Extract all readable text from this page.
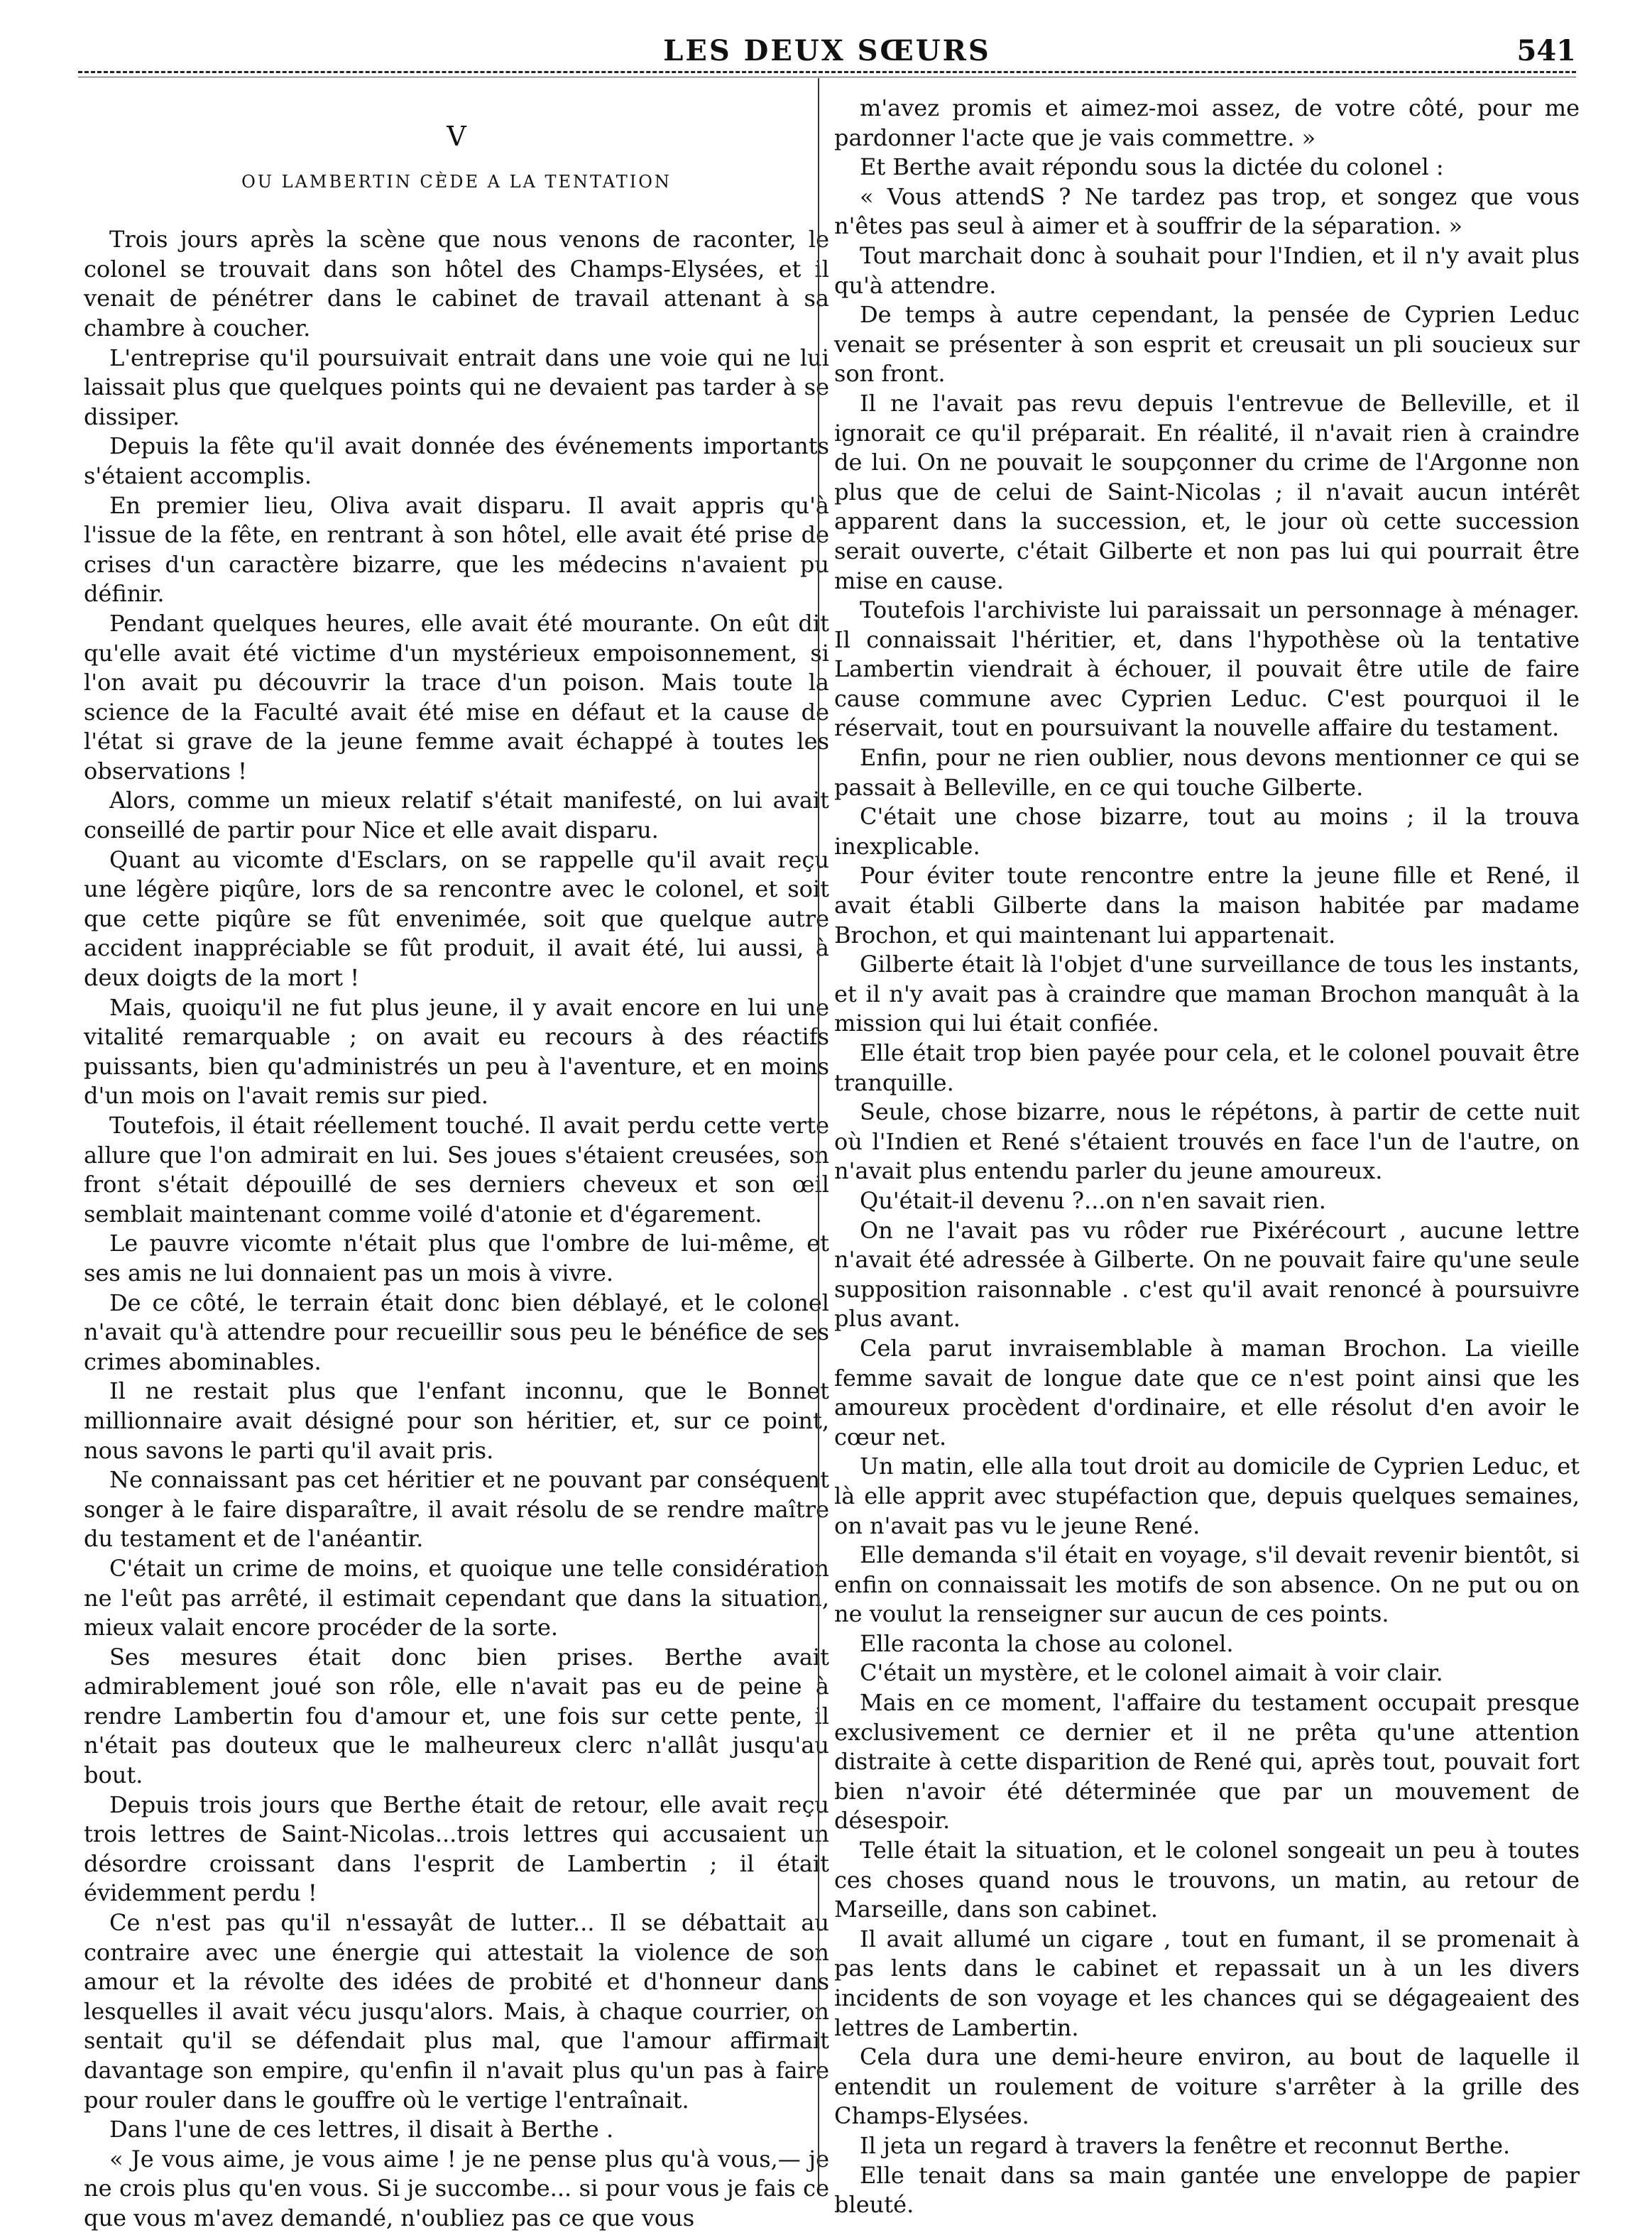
LES DEUX SŒURS	541
V
OU LAMBERTIN CÈDE A LA TENTATION

Trois jours après la scène que nous venons de raconter, le colonel se trouvait dans son hôtel des Champs-Elysées, et il venait de pénétrer dans le cabinet de travail attenant à sa chambre à coucher.

L'entreprise qu'il poursuivait entrait dans une voie qui ne lui laissait plus que quelques points qui ne devaient pas tarder à se dissiper.

Depuis la fête qu'il avait donnée des événements importants s'étaient accomplis.

En premier lieu, Oliva avait disparu. Il avait appris qu'à l'issue de la fête, en rentrant à son hôtel, elle avait été prise de crises d'un caractère bizarre, que les médecins n'avaient pu définir.

Pendant quelques heures, elle avait été mourante. On eût dit qu'elle avait été victime d'un mystérieux empoisonnement, si l'on avait pu découvrir la trace d'un poison. Mais toute la science de la Faculté avait été mise en défaut et la cause de l'état si grave de la jeune femme avait échappé à toutes les observations !

Alors, comme un mieux relatif s'était manifesté, on lui avait conseillé de partir pour Nice et elle avait disparu.

Quant au vicomte d'Esclars, on se rappelle qu'il avait reçu une légère piqûre, lors de sa rencontre avec le colonel, et soit que cette piqûre se fût envenimée, soit que quelque autre accident inappréciable se fût produit, il avait été, lui aussi, à deux doigts de la mort !

Mais, quoiqu'il ne fut plus jeune, il y avait encore en lui une vitalité remarquable ; on avait eu recours à des réactifs puissants, bien qu'administrés un peu à l'aventure, et en moins d'un mois on l'avait remis sur pied.

Toutefois, il était réellement touché. Il avait perdu cette verte allure que l'on admirait en lui. Ses joues s'étaient creusées, son front s'était dépouillé de ses derniers cheveux et son œil semblait maintenant comme voilé d'atonie et d'égarement.

Le pauvre vicomte n'était plus que l'ombre de lui-même, et ses amis ne lui donnaient pas un mois à vivre.

De ce côté, le terrain était donc bien déblayé, et le colonel n'avait qu'à attendre pour recueillir sous peu le bénéfice de ses crimes abominables.

Il ne restait plus que l'enfant inconnu, que le Bonnet millionnaire avait désigné pour son héritier, et, sur ce point, nous savons le parti qu'il avait pris.

Ne connaissant pas cet héritier et ne pouvant par conséquent songer à le faire disparaître, il avait résolu de se rendre maître du testament et de l'anéantir.

C'était un crime de moins, et quoique une telle considération ne l'eût pas arrêté, il estimait cependant que dans la situation, mieux valait encore procéder de la sorte.

Ses mesures était donc bien prises. Berthe avait admirablement joué son rôle, elle n'avait pas eu de peine à rendre Lambertin fou d'amour et, une fois sur cette pente, il n'était pas douteux que le malheureux clerc n'allât jusqu'au bout.

Depuis trois jours que Berthe était de retour, elle avait reçu trois lettres de Saint-Nicolas...trois lettres qui accusaient un désordre croissant dans l'esprit de Lambertin ; il était évidemment perdu !

Ce n'est pas qu'il n'essayât de lutter... Il se débattait au contraire avec une énergie qui attestait la violence de son amour et la révolte des idées de probité et d'honneur dans lesquelles il avait vécu jusqu'alors. Mais, à chaque courrier, on sentait qu'il se défendait plus mal, que l'amour affirmait davantage son empire, qu'enfin il n'avait plus qu'un pas à faire pour rouler dans le gouffre où le vertige l'entraînait.

Dans l'une de ces lettres, il disait à Berthe .

« Je vous aime, je vous aime ! je ne pense plus qu'à vous,— je ne crois plus qu'en vous. Si je succombe... si pour vous je fais ce que vous m'avez demandé, n'oubliez pas ce que vous

m'avez promis et aimez-moi assez, de votre côté, pour me pardonner l'acte que je vais commettre. »

Et Berthe avait répondu sous la dictée du colonel :

« Vous attendS ? Ne tardez pas trop, et songez que vous n'êtes pas seul à aimer et à souffrir de la séparation. »

Tout marchait donc à souhait pour l'Indien, et il n'y avait plus qu'à attendre.

De temps à autre cependant, la pensée de Cyprien Leduc venait se présenter à son esprit et creusait un pli soucieux sur son front.

Il ne l'avait pas revu depuis l'entrevue de Belleville, et il ignorait ce qu'il préparait. En réalité, il n'avait rien à craindre de lui. On ne pouvait le soupçonner du crime de l'Argonne non plus que de celui de Saint-Nicolas ; il n'avait aucun intérêt apparent dans la succession, et, le jour où cette succession serait ouverte, c'était Gilberte et non pas lui qui pourrait être mise en cause.

Toutefois l'archiviste lui paraissait un personnage à ménager. Il connaissait l'héritier, et, dans l'hypothèse où la tentative Lambertin viendrait à échouer, il pouvait être utile de faire cause commune avec Cyprien Leduc. C'est pourquoi il le réservait, tout en poursuivant la nouvelle affaire du testament.

Enfin, pour ne rien oublier, nous devons mentionner ce qui se passait à Belleville, en ce qui touche Gilberte.

C'était une chose bizarre, tout au moins ; il la trouva inexplicable.

Pour éviter toute rencontre entre la jeune fille et René, il avait établi Gilberte dans la maison habitée par madame Brochon, et qui maintenant lui appartenait.

Gilberte était là l'objet d'une surveillance de tous les instants, et il n'y avait pas à craindre que maman Brochon manquât à la mission qui lui était confiée.

Elle était trop bien payée pour cela, et le colonel pouvait être tranquille.

Seule, chose bizarre, nous le répétons, à partir de cette nuit où l'Indien et René s'étaient trouvés en face l'un de l'autre, on n'avait plus entendu parler du jeune amoureux.

Qu'était-il devenu ?...on n'en savait rien.

On ne l'avait pas vu rôder rue Pixérécourt , aucune lettre n'avait été adressée à Gilberte. On ne pouvait faire qu'une seule supposition raisonnable . c'est qu'il avait renoncé à poursuivre plus avant.

Cela parut invraisemblable à maman Brochon. La vieille femme savait de longue date que ce n'est point ainsi que les amoureux procèdent d'ordinaire, et elle résolut d'en avoir le cœur net.

Un matin, elle alla tout droit au domicile de Cyprien Leduc, et là elle apprit avec stupéfaction que, depuis quelques semaines, on n'avait pas vu le jeune René.

Elle demanda s'il était en voyage, s'il devait revenir bientôt, si enfin on connaissait les motifs de son absence. On ne put ou on ne voulut la renseigner sur aucun de ces points.

Elle raconta la chose au colonel.

C'était un mystère, et le colonel aimait à voir clair.

Mais en ce moment, l'affaire du testament occupait presque exclusivement ce dernier et il ne prêta qu'une attention distraite à cette disparition de René qui, après tout, pouvait fort bien n'avoir été déterminée que par un mouvement de désespoir.

Telle était la situation, et le colonel songeait un peu à toutes ces choses quand nous le trouvons, un matin, au retour de Marseille, dans son cabinet.

Il avait allumé un cigare , tout en fumant, il se promenait à pas lents dans le cabinet et repassait un à un les divers incidents de son voyage et les chances qui se dégageaient des lettres de Lambertin.

Cela dura une demi-heure environ, au bout de laquelle il entendit un roulement de voiture s'arrêter à la grille des Champs-Elysées.

Il jeta un regard à travers la fenêtre et reconnut Berthe.

Elle tenait dans sa main gantée une enveloppe de papier bleuté.
